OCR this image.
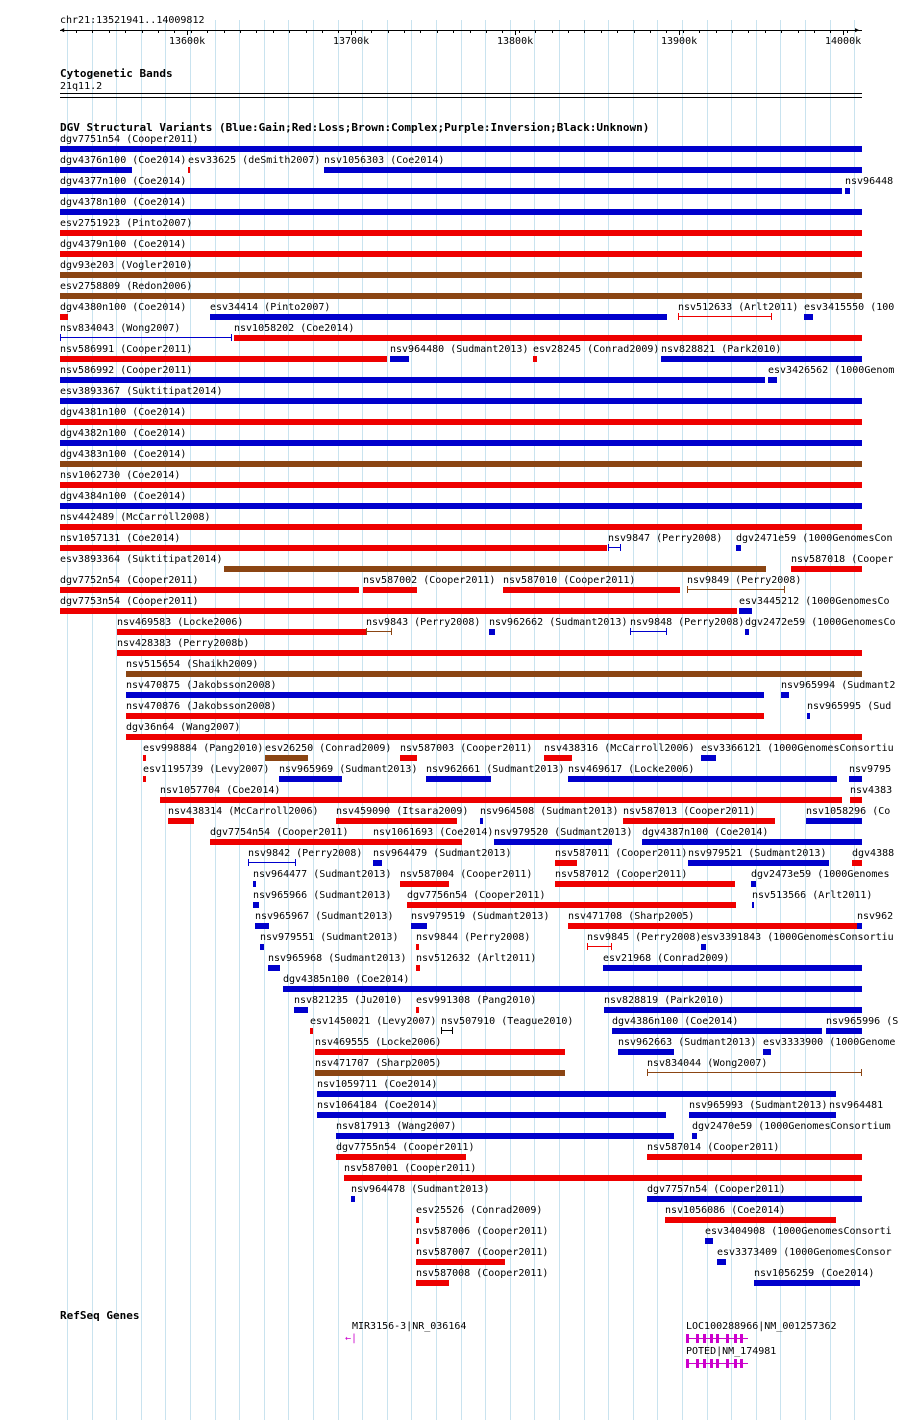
chr21:13521941..14009812
◀	▶
13600k	13700k	13800k	13900k	14000k
Cytogenetic Bands
21q11.2
DGV Structural Variants (Blue:Gain;Red:Loss;Brown:Complex;Purple:Inversion;Black:Unknown)
dgv7751n54 (Cooper2011)
dgv4376n100 (Coe2014) esv33625 (deSmith2007) nsv1056303 (Coe2014)
dgv4377n100 (Coe2014)	nsv96448
dgv4378n100 (Coe2014)
esv2751923 (Pinto2007)
dgv4379n100 (Coe2014)
dgv93e203 (Vogler2010)
esv2758809 (Redon2006)
dgv4380n100 (Coe2014) esv34414 (Pinto2007)	nsv512633 (Arlt2011) esv3415550 (100
nsv834043 (Wong2007)	nsv1058202 (Coe2014)
nsv586991 (Cooper2011)	nsv964480 (Sudmant2013) esv28245 (Conrad2009) nsv828821 (Park2010)
nsv586992 (Cooper2011)	esv3426562 (1000Genom
esv3893367 (Suktitipat2014)
dgv4381n100 (Coe2014)
dgv4382n100 (Coe2014)
dgv4383n100 (Coe2014)
nsv1062730 (Coe2014)
dgv4384n100 (Coe2014)
nsv442489 (McCarroll2008)
nsv1057131 (Coe2014)	nsv9847 (Perry2008) dgv2471e59 (1000GenomesCon
esv3893364 (Suktitipat2014)	nsv587018 (Cooper
dgv7752n54 (Cooper2011)	nsv587002 (Cooper2011) nsv587010 (Cooper2011)	nsv9849 (Perry2008)
dgv7753n54 (Cooper2011)	esv3445212 (1000GenomesCo
nsv469583 (Locke2006)	nsv9843 (Perry2008) nsv962662 (Sudmant2013) nsv9848 (Perry2008) dgv2472e59 (1000GenomesCo
nsv428383 (Perry2008b)
nsv515654 (Shaikh2009)
nsv470875 (Jakobsson2008)	nsv965994 (Sudmant2
nsv470876 (Jakobsson2008)	nsv965995 (Sud
dgv36n64 (Wang2007)
esv998884 (Pang2010) esv26250 (Conrad2009) nsv587003 (Cooper2011) nsv438316 (McCarroll2006) esv3366121 (1000GenomesConsortiu
esv1195739 (Levy2007) nsv965969 (Sudmant2013) nsv962661 (Sudmant2013) nsv469617 (Locke2006)	nsv9795
nsv1057704 (Coe2014)	nsv4383
nsv438314 (McCarroll2006) nsv459090 (Itsara2009) nsv964508 (Sudmant2013) nsv587013 (Cooper2011)	nsv1058296 (Co
dgv7754n54 (Cooper2011) nsv1061693 (Coe2014) nsv979520 (Sudmant2013) dgv4387n100 (Coe2014)
nsv9842 (Perry2008) nsv964479 (Sudmant2013)	nsv587011 (Cooper2011) nsv979521 (Sudmant2013)	dgv4388
nsv964477 (Sudmant2013) nsv587004 (Cooper2011) nsv587012 (Cooper2011)	dgv2473e59 (1000Genomes
nsv965966 (Sudmant2013) dgv7756n54 (Cooper2011)	nsv513566 (Arlt2011)
nsv965967 (Sudmant2013) nsv979519 (Sudmant2013) nsv471708 (Sharp2005)	nsv962
nsv979551 (Sudmant2013) nsv9844 (Perry2008)	nsv9845 (Perry2008) esv3391843 (1000GenomesConsortiu
nsv965968 (Sudmant2013) nsv512632 (Arlt2011)	esv21968 (Conrad2009)
dgv4385n100 (Coe2014)
nsv821235 (Ju2010) esv991308 (Pang2010)	nsv828819 (Park2010)
esv1450021 (Levy2007) nsv507910 (Teague2010)	dgv4386n100 (Coe2014)	nsv965996 (S
nsv469555 (Locke2006)	nsv962663 (Sudmant2013) esv3333900 (1000Genome
nsv471707 (Sharp2005)	nsv834044 (Wong2007)
nsv1059711 (Coe2014)
nsv1064184 (Coe2014)	nsv965993 (Sudmant2013) nsv964481
nsv817913 (Wang2007)	dgv2470e59 (1000GenomesConsortium
dgv7755n54 (Cooper2011)	nsv587014 (Cooper2011)
nsv587001 (Cooper2011)
nsv964478 (Sudmant2013)	dgv7757n54 (Cooper2011)
esv25526 (Conrad2009)	nsv1056086 (Coe2014)
nsv587006 (Cooper2011)	esv3404908 (1000GenomesConsorti
nsv587007 (Cooper2011)	esv3373409 (1000GenomesConsor
nsv587008 (Cooper2011)	nsv1056259 (Coe2014)
RefSeq Genes
MIR3156-3|NR_036164	LOC100288966|NM_001257362
POTED|NM_174981
←|
